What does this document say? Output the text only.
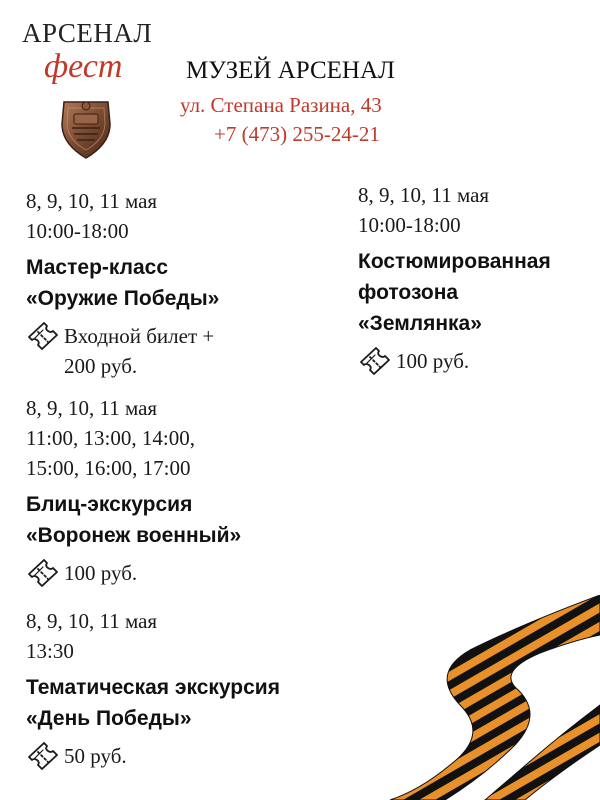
АРСЕНАЛ
фест	МУЗЕЙ АРСЕНАЛ
ул. Степана Разина, 43
+7 (473) 255-24-21
8, 9, 10, 11 мая
10:00-18:00
Мастер-класс
«Оружие Победы»
Входной билет +
200 руб.
8, 9, 10, 11 мая
11:00, 13:00, 14:00,
15:00, 16:00, 17:00
Блиц-экскурсия
«Воронеж военный»
100 руб.
8, 9, 10, 11 мая
13:30
Тематическая экскурсия
«День Победы»
50 руб.
8, 9, 10, 11 мая
10:00-18:00
Костюмированная
фотозона
«Землянка»
100 руб.
